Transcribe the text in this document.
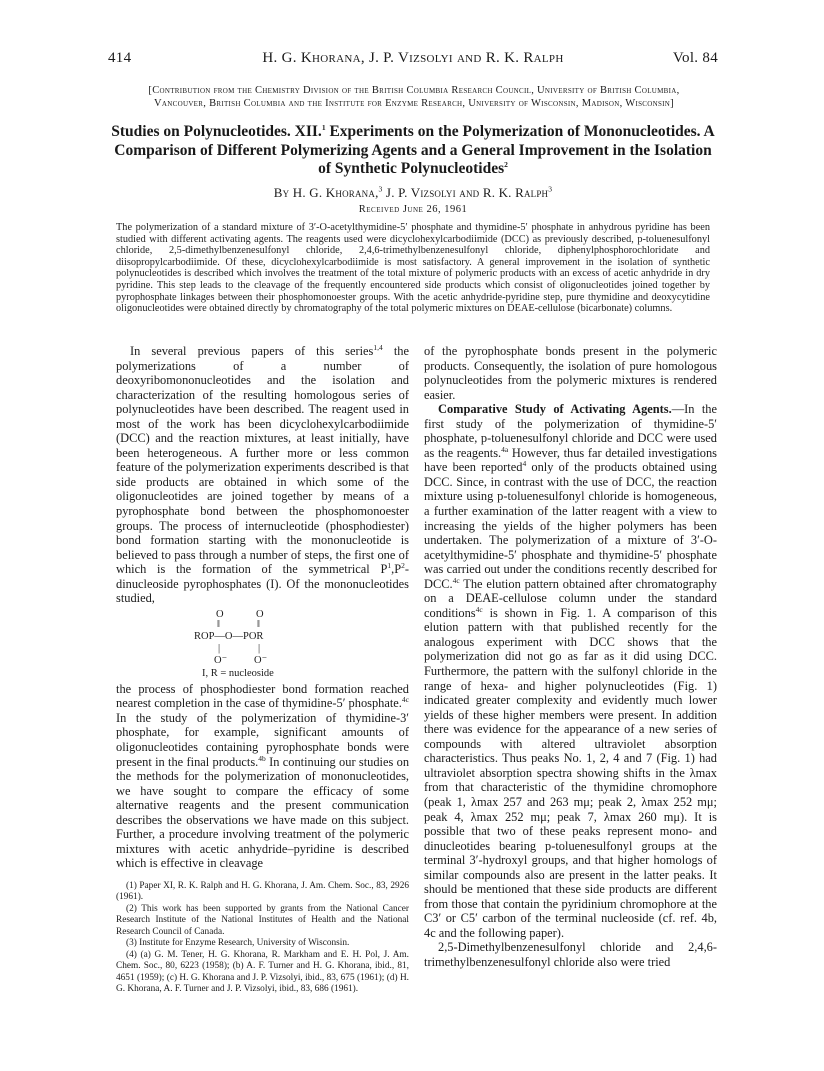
414	H. G. Khorana, J. P. Vizsolyi and R. K. Ralph	Vol. 84
[Contribution from the Chemistry Division of the British Columbia Research Council, University of British Columbia, Vancouver, British Columbia and the Institute for Enzyme Research, University of Wisconsin, Madison, Wisconsin]
Studies on Polynucleotides. XII.$^1$ Experiments on the Polymerization of Mononucleotides. A Comparison of Different Polymerizing Agents and a General Improvement in the Isolation of Synthetic Polynucleotides$^2$
By H. G. Khorana,$^3$ J. P. Vizsolyi and R. K. Ralph$^3$
Received June 26, 1961
The polymerization of a standard mixture of 3′-O-acetylthymidine-5′ phosphate and thymidine-5′ phosphate in anhydrous pyridine has been studied with different activating agents. The reagents used were dicyclohexylcarbodiimide (DCC) as previously described, p-toluenesulfonyl chloride, 2,5-dimethylbenzenesulfonyl chloride, 2,4,6-trimethylbenzenesulfonyl chloride, diphenylphosphorochloridate and diisopropylcarbodiimide. Of these, dicyclohexylcarbodiimide is most satisfactory. A general improvement in the isolation of synthetic polynucleotides is described which involves the treatment of the total mixture of polymeric products with an excess of acetic anhydride in dry pyridine. This step leads to the cleavage of the frequently encountered side products which consist of oligonucleotides joined together by pyrophosphate linkages between their phosphomonoester groups. With the acetic anhydride-pyridine step, pure thymidine and deoxycytidine oligonucleotides were obtained directly by chromatography of the total polymeric mixtures on DEAE-cellulose (bicarbonate) columns.

In several previous papers of this series$^{1,4}$ the polymerizations of a number of deoxyribomononucleotides and the isolation and characterization of the resulting homologous series of polynucleotides have been described. The reagent used in most of the work has been dicyclohexylcarbodiimide (DCC) and the reaction mixtures, at least initially, have been heterogeneous. A further more or less common feature of the polymerization experiments described is that side products are obtained in which some of the oligonucleotides are joined together by means of a pyrophosphate bond between the phosphomonoester groups. The process of internucleotide (phosphodiester) bond formation starting with the mononucleotide is believed to pass through a number of steps, the first one of which is the formation of the symmetrical $P^1,P^2$-dinucleoside pyrophosphates (I). Of the mononucleotides studied,

O	O
‖	‖
ROP—O—POR
|	|
O⁻	O⁻
I, R = nucleoside

the process of phosphodiester bond formation reached nearest completion in the case of thymidine-5′ phosphate.$^{4c}$ In the study of the polymerization of thymidine-3′ phosphate, for example, significant amounts of oligonucleotides containing pyrophosphate bonds were present in the final products.$^{4b}$ In continuing our studies on the methods for the polymerization of mononucleotides, we have sought to compare the efficacy of some alternative reagents and the present communication describes the observations we have made on this subject. Further, a procedure involving treatment of the polymeric mixtures with acetic anhydride–pyridine is described which is effective in cleavage

(1) Paper XI, R. K. Ralph and H. G. Khorana, J. Am. Chem. Soc., 83, 2926 (1961).
(2) This work has been supported by grants from the National Cancer Research Institute of the National Institutes of Health and the National Research Council of Canada.
(3) Institute for Enzyme Research, University of Wisconsin.
(4) (a) G. M. Tener, H. G. Khorana, R. Markham and E. H. Pol, J. Am. Chem. Soc., 80, 6223 (1958); (b) A. F. Turner and H. G. Khorana, ibid., 81, 4651 (1959); (c) H. G. Khorana and J. P. Vizsolyi, ibid., 83, 675 (1961); (d) H. G. Khorana, A. F. Turner and J. P. Vizsolyi, ibid., 83, 686 (1961).

of the pyrophosphate bonds present in the polymeric products. Consequently, the isolation of pure homologous polynucleotides from the polymeric mixtures is rendered easier.

Comparative Study of Activating Agents.—In the first study of the polymerization of thymidine-5′ phosphate, p-toluenesulfonyl chloride and DCC were used as the reagents.$^{4a}$ However, thus far detailed investigations have been reported$^4$ only of the products obtained using DCC. Since, in contrast with the use of DCC, the reaction mixture using p-toluenesulfonyl chloride is homogeneous, a further examination of the latter reagent with a view to increasing the yields of the higher polymers has been undertaken. The polymerization of a mixture of 3′-O-acetylthymidine-5′ phosphate and thymidine-5′ phosphate was carried out under the conditions recently described for DCC.$^{4c}$ The elution pattern obtained after chromatography on a DEAE-cellulose column under the standard conditions$^{4c}$ is shown in Fig. 1. A comparison of this elution pattern with that published recently for the analogous experiment with DCC shows that the polymerization did not go as far as it did using DCC. Furthermore, the pattern with the sulfonyl chloride in the range of hexa- and higher polynucleotides (Fig. 1) indicated greater complexity and evidently much lower yields of these higher members were present. In addition there was evidence for the appearance of a new series of compounds with altered ultraviolet absorption characteristics. Thus peaks No. 1, 2, 4 and 7 (Fig. 1) had ultraviolet absorption spectra showing shifts in the λmax from that characteristic of the thymidine chromophore (peak 1, λmax 257 and 263 mμ; peak 2, λmax 252 mμ; peak 4, λmax 252 mμ; peak 7, λmax 260 mμ). It is possible that two of these peaks represent mono- and dinucleotides bearing p-toluenesulfonyl groups at the terminal 3′-hydroxyl groups, and that higher homologs of similar compounds also are present in the latter peaks. It should be mentioned that these side products are different from those that contain the pyridinium chromophore at the C3′ or C5′ carbon of the terminal nucleoside (cf. ref. 4b, 4c and the following paper).

2,5-Dimethylbenzenesulfonyl chloride and 2,4,6-trimethylbenzenesulfonyl chloride also were tried
